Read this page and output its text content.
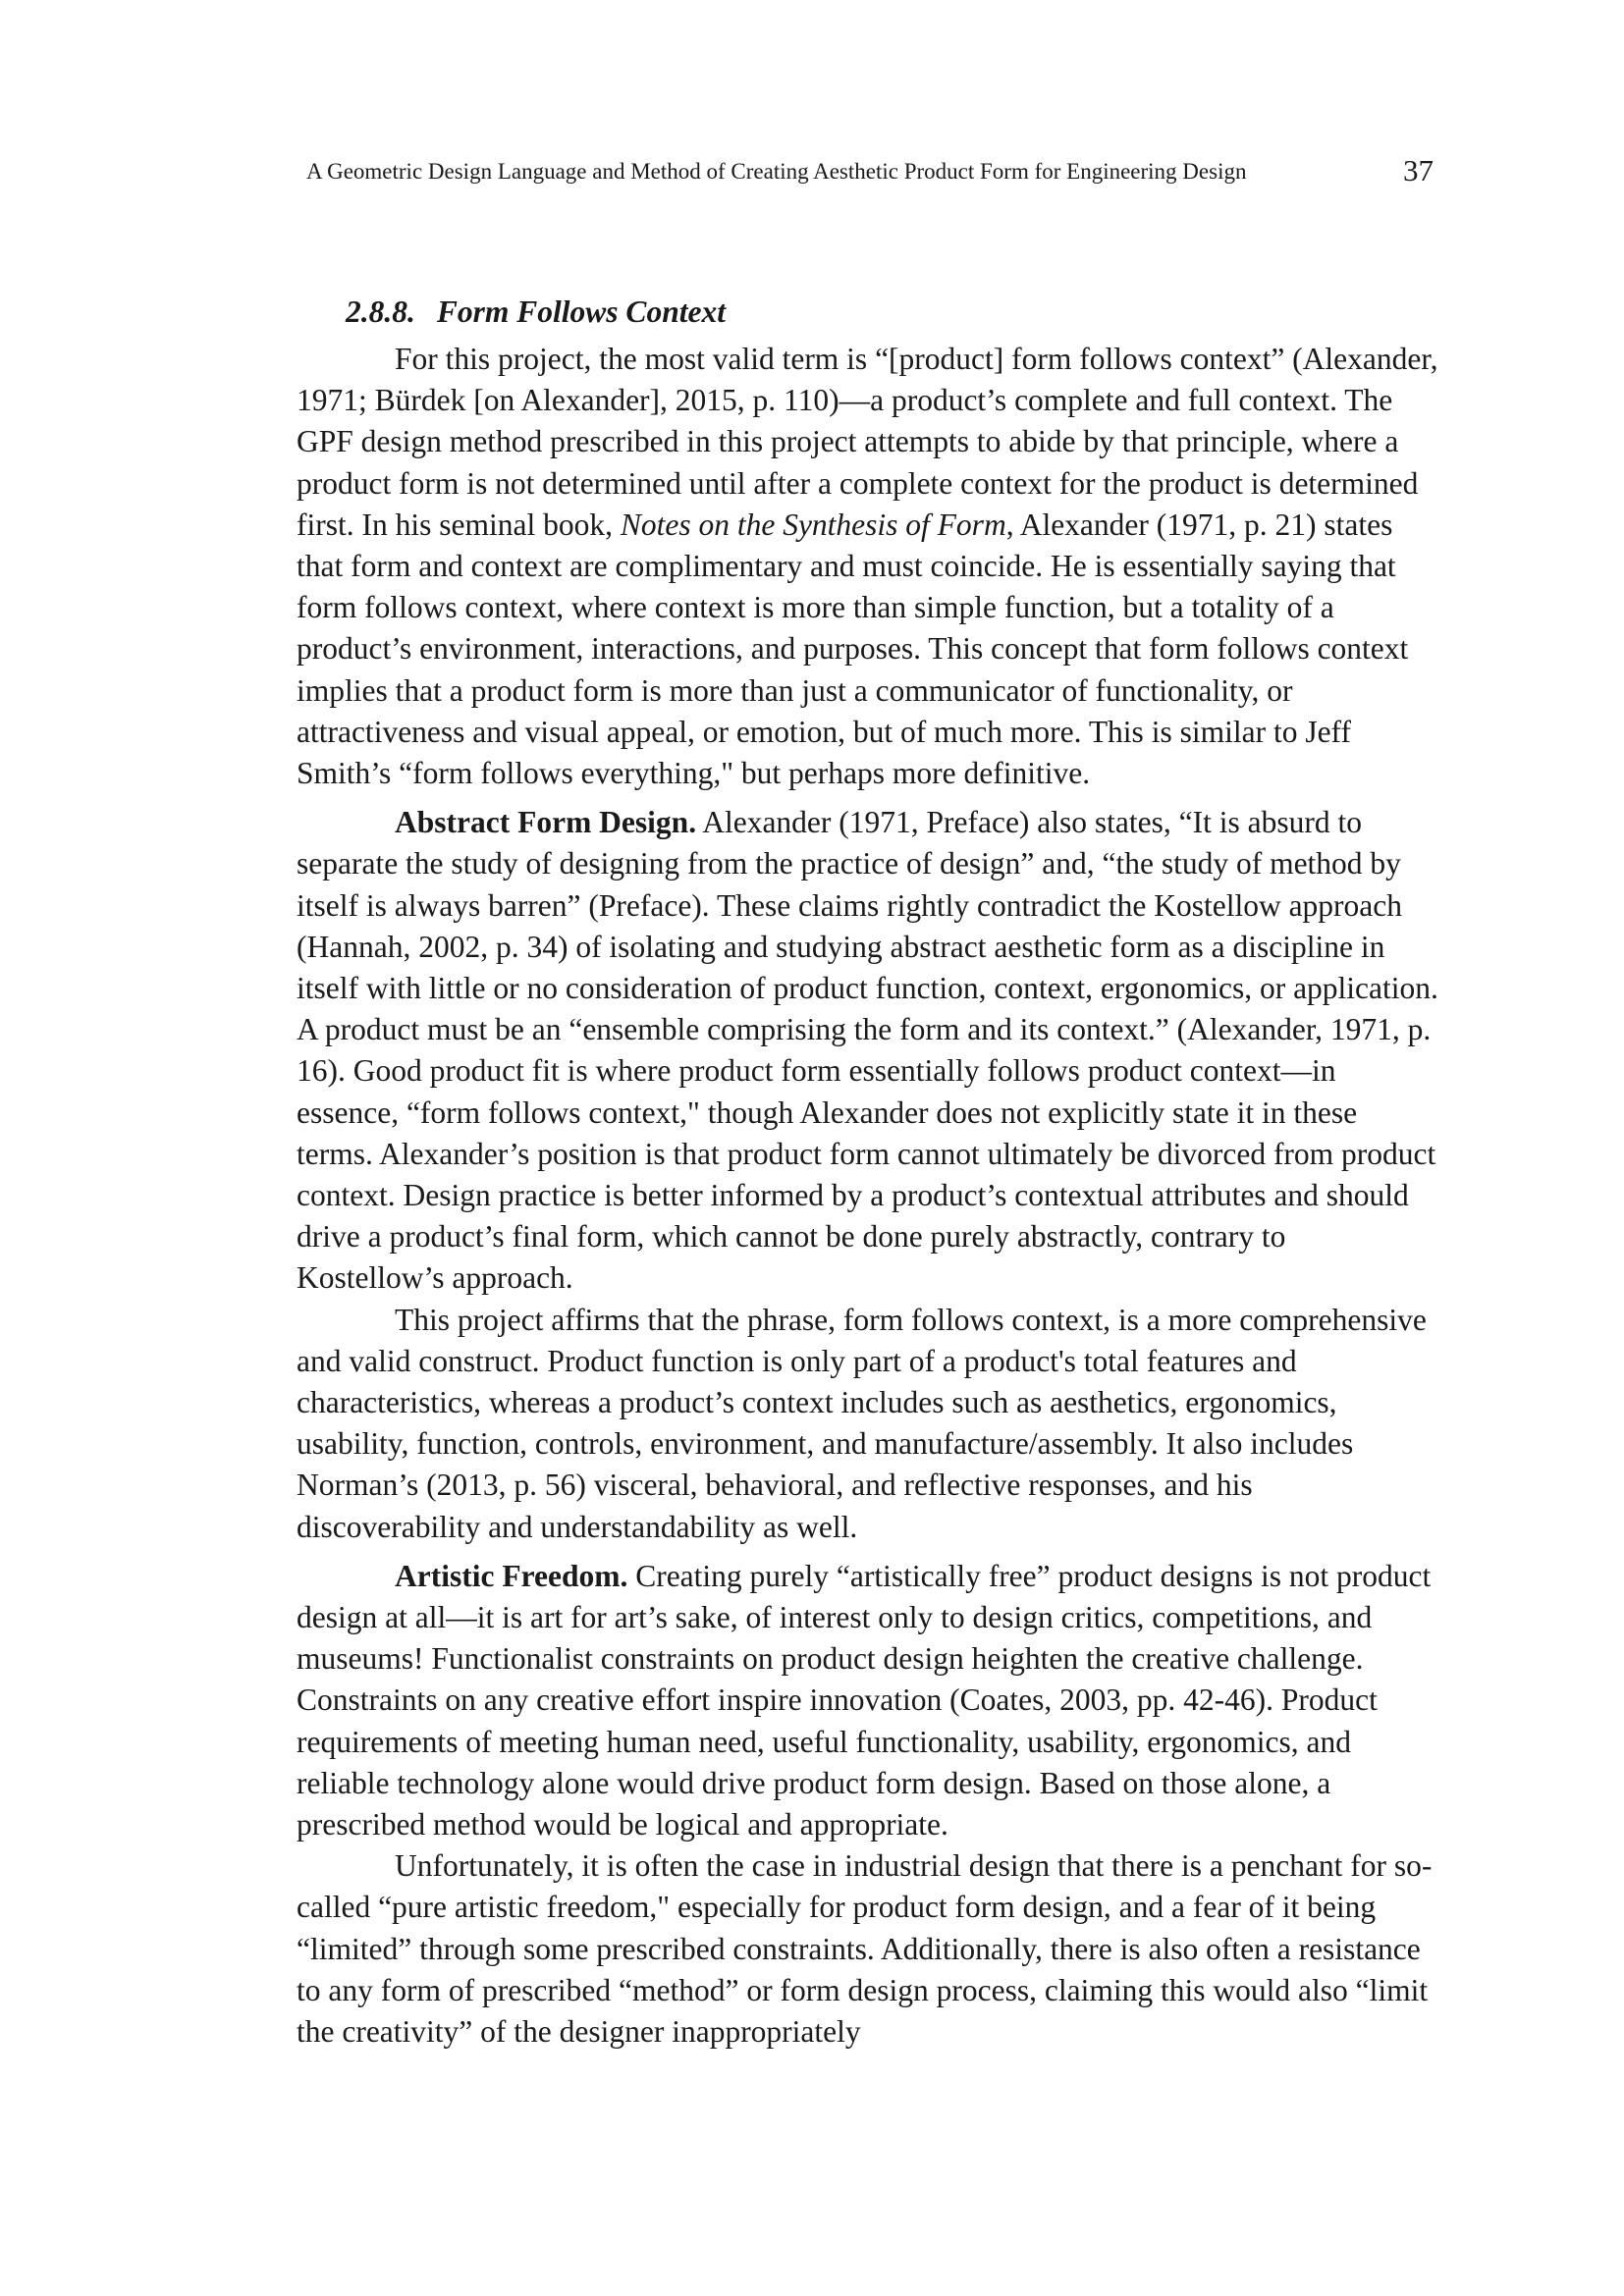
A Geometric Design Language and Method of Creating Aesthetic Product Form for Engineering Design	37
2.8.8. Form Follows Context

For this project, the most valid term is “[product] form follows context” (Alexander, 1971; Bürdek [on Alexander], 2015, p. 110)—a product’s complete and full context. The GPF design method prescribed in this project attempts to abide by that principle, where a product form is not determined until after a complete context for the product is determined first. In his seminal book, Notes on the Synthesis of Form, Alexander (1971, p. 21) states that form and context are complimentary and must coincide. He is essentially saying that form follows context, where context is more than simple function, but a totality of a product’s environment, interactions, and purposes. This concept that form follows context implies that a product form is more than just a communicator of functionality, or attractiveness and visual appeal, or emotion, but of much more. This is similar to Jeff Smith’s “form follows everything," but perhaps more definitive.

Abstract Form Design. Alexander (1971, Preface) also states, “It is absurd to separate the study of designing from the practice of design” and, “the study of method by itself is always barren” (Preface). These claims rightly contradict the Kostellow approach (Hannah, 2002, p. 34) of isolating and studying abstract aesthetic form as a discipline in itself with little or no consideration of product function, context, ergonomics, or application. A product must be an “ensemble comprising the form and its context.” (Alexander, 1971, p. 16). Good product fit is where product form essentially follows product context—in essence, “form follows context," though Alexander does not explicitly state it in these terms. Alexander’s position is that product form cannot ultimately be divorced from product context. Design practice is better informed by a product’s contextual attributes and should drive a product’s final form, which cannot be done purely abstractly, contrary to Kostellow’s approach.

This project affirms that the phrase, form follows context, is a more comprehensive and valid construct. Product function is only part of a product's total features and characteristics, whereas a product’s context includes such as aesthetics, ergonomics, usability, function, controls, environment, and manufacture/assembly. It also includes Norman’s (2013, p. 56) visceral, behavioral, and reflective responses, and his discoverability and understandability as well.

Artistic Freedom. Creating purely “artistically free” product designs is not product design at all—it is art for art’s sake, of interest only to design critics, competitions, and museums! Functionalist constraints on product design heighten the creative challenge. Constraints on any creative effort inspire innovation (Coates, 2003, pp. 42-46). Product requirements of meeting human need, useful functionality, usability, ergonomics, and reliable technology alone would drive product form design. Based on those alone, a prescribed method would be logical and appropriate.

Unfortunately, it is often the case in industrial design that there is a penchant for so-called “pure artistic freedom," especially for product form design, and a fear of it being “limited” through some prescribed constraints. Additionally, there is also often a resistance to any form of prescribed “method” or form design process, claiming this would also “limit the creativity” of the designer inappropriately
